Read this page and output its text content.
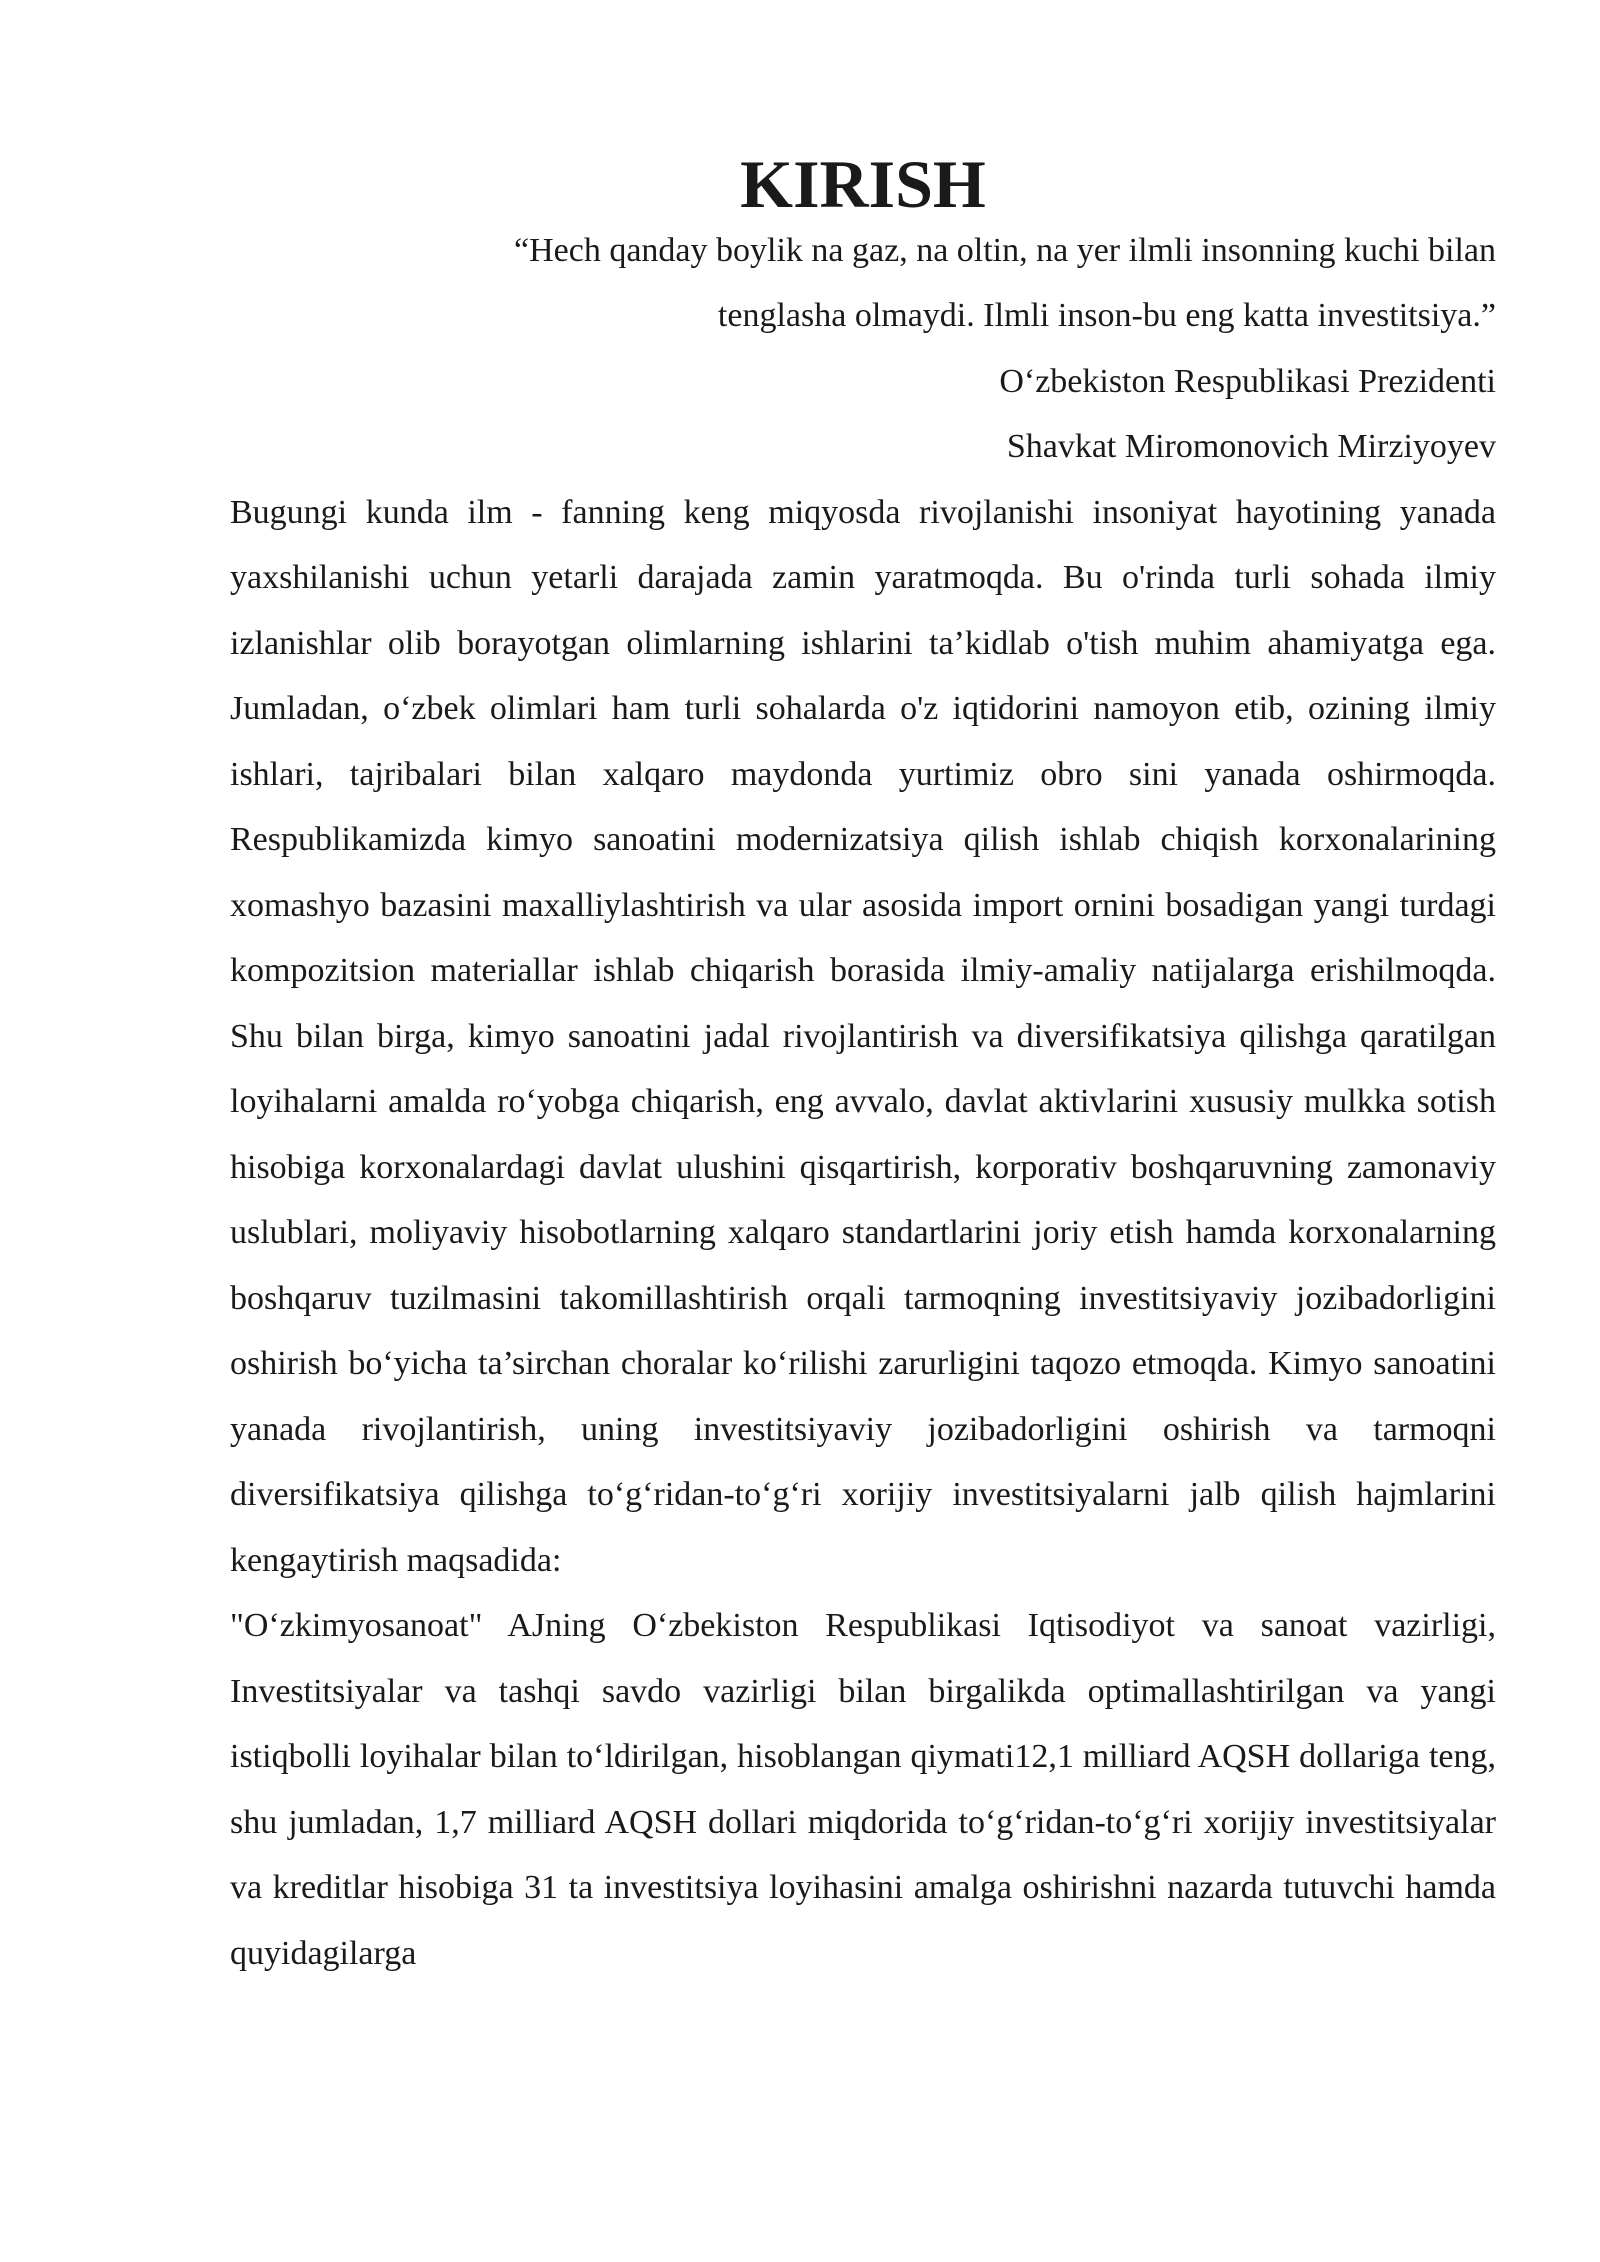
KIRISH

“Hech qanday boylik na gaz, na oltin, na yer ilmli insonning kuchi bilan tenglasha olmaydi. Ilmli inson-bu eng katta investitsiya.”

O‘zbekiston Respublikasi Prezidenti

Shavkat Miromonovich Mirziyoyev

Bugungi kunda ilm - fanning keng miqyosda rivojlanishi insoniyat hayotining yanada yaxshilanishi uchun yetarli darajada zamin yaratmoqda. Bu o'rinda turli sohada ilmiy izlanishlar olib borayotgan olimlarning ishlarini ta’kidlab o'tish muhim ahamiyatga ega. Jumladan, o‘zbek olimlari ham turli sohalarda o'z iqtidorini namoyon etib, ozining ilmiy ishlari, tajribalari bilan xalqaro maydonda yurtimiz obro sini yanada oshirmoqda. Respublikamizda kimyo sanoatini modernizatsiya qilish ishlab chiqish korxonalarining xomashyo bazasini maxalliylashtirish va ular asosida import ornini bosadigan yangi turdagi kompozitsion materiallar ishlab chiqarish borasida ilmiy-amaliy natijalarga erishilmoqda. Shu bilan birga, kimyo sanoatini jadal rivojlantirish va diversifikatsiya qilishga qaratilgan loyihalarni amalda ro‘yobga chiqarish, eng avvalo, davlat aktivlarini xususiy mulkka sotish hisobiga korxonalardagi davlat ulushini qisqartirish, korporativ boshqaruvning zamonaviy uslublari, moliyaviy hisobotlarning xalqaro standartlarini joriy etish hamda korxonalarning boshqaruv tuzilmasini takomillashtirish orqali tarmoqning investitsiyaviy jozibadorligini oshirish bo‘yicha ta’sirchan choralar ko‘rilishi zarurligini taqozo etmoqda. Kimyo sanoatini yanada rivojlantirish, uning investitsiyaviy jozibadorligini oshirish va tarmoqni diversifikatsiya qilishga to‘g‘ridan-to‘g‘ri xorijiy investitsiyalarni jalb qilish hajmlarini kengaytirish maqsadida:

"O‘zkimyosanoat" AJning O‘zbekiston Respublikasi Iqtisodiyot va sanoat vazirligi, Investitsiyalar va tashqi savdo vazirligi bilan birgalikda optimallashtirilgan va yangi istiqbolli loyihalar bilan to‘ldirilgan, hisoblangan qiymati12,1 milliard AQSH dollariga teng, shu jumladan, 1,7 milliard AQSH dollari miqdorida to‘g‘ridan-to‘g‘ri xorijiy investitsiyalar va kreditlar hisobiga 31 ta investitsiya loyihasini amalga oshirishni nazarda tutuvchi hamda quyidagilarga
